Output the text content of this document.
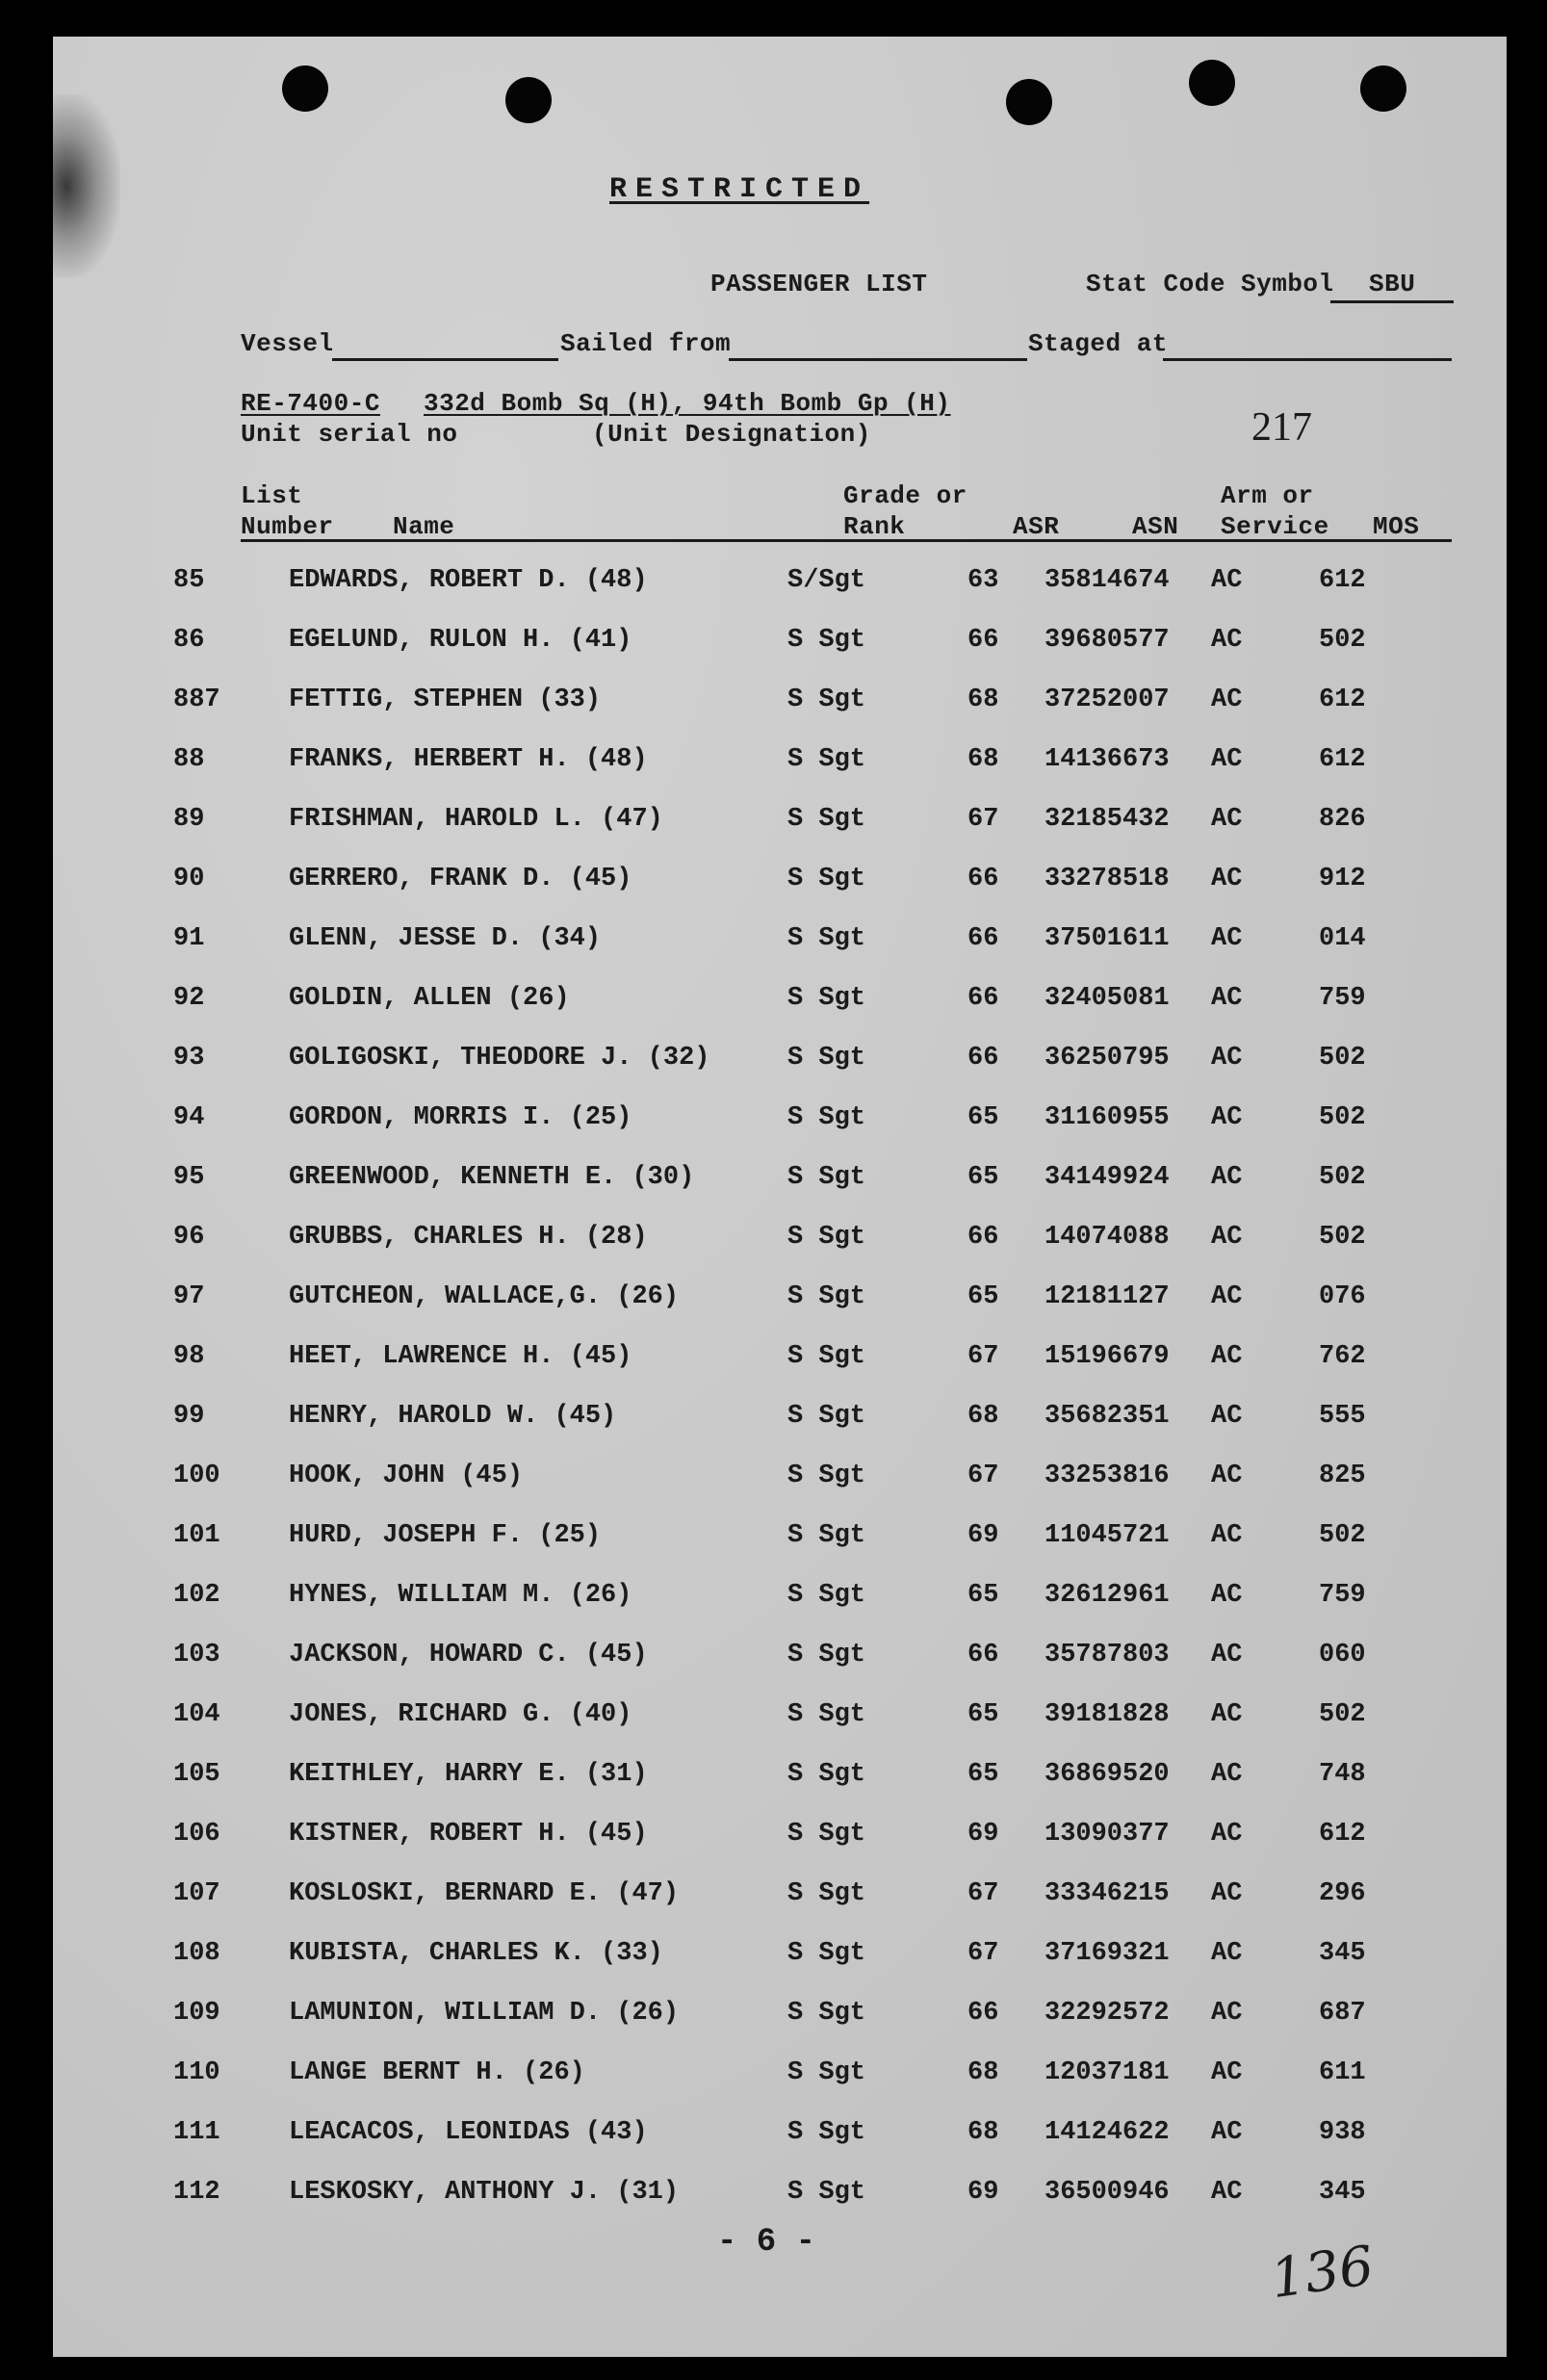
RESTRICTED
PASSENGER LIST	Stat Code Symbol SBU
Vessel	Sailed from	Staged at
RE-7400-C 332d Bomb Sq (H), 94th Bomb Gp (H)
Unit serial no	(Unit Designation)	217
List
Number Name
Grade or
Rank	ASR	ASN
Arm or
Service MOS
85	EDWARDS, ROBERT D. (48)	S/Sgt	63 35814674 AC	612
86	EGELUND, RULON H. (41)	S Sgt	66 39680577 AC	502
887	FETTIG, STEPHEN (33)	S Sgt	68 37252007 AC	612
88	FRANKS, HERBERT H. (48)	S Sgt	68 14136673 AC	612
89	FRISHMAN, HAROLD L. (47)	S Sgt	67 32185432 AC	826
90	GERRERO, FRANK D. (45)	S Sgt	66 33278518 AC	912
91	GLENN, JESSE D. (34)	S Sgt	66 37501611 AC	014
92	GOLDIN, ALLEN (26)	S Sgt	66 32405081 AC	759
93	GOLIGOSKI, THEODORE J. (32)	S Sgt	66 36250795 AC	502
94	GORDON, MORRIS I. (25)	S Sgt	65 31160955 AC	502
95	GREENWOOD, KENNETH E. (30)	S Sgt	65 34149924 AC	502
96	GRUBBS, CHARLES H. (28)	S Sgt	66 14074088 AC	502
97	GUTCHEON, WALLACE,G. (26)	S Sgt	65 12181127 AC	076
98	HEET, LAWRENCE H. (45)	S Sgt	67 15196679 AC	762
99	HENRY, HAROLD W. (45)	S Sgt	68 35682351 AC	555
100	HOOK, JOHN (45)	S Sgt	67 33253816 AC	825
101	HURD, JOSEPH F. (25)	S Sgt	69 11045721 AC	502
102	HYNES, WILLIAM M. (26)	S Sgt	65 32612961 AC	759
103	JACKSON, HOWARD C. (45)	S Sgt	66 35787803 AC	060
104	JONES, RICHARD G. (40)	S Sgt	65 39181828 AC	502
105	KEITHLEY, HARRY E. (31)	S Sgt	65 36869520 AC	748
106	KISTNER, ROBERT H. (45)	S Sgt	69 13090377 AC	612
107	KOSLOSKI, BERNARD E. (47)	S Sgt	67 33346215 AC	296
108	KUBISTA, CHARLES K. (33)	S Sgt	67 37169321 AC	345
109	LAMUNION, WILLIAM D. (26)	S Sgt	66 32292572 AC	687
110	LANGE BERNT H. (26)	S Sgt	68 12037181 AC	611
111	LEACACOS, LEONIDAS (43)	S Sgt	68 14124622 AC	938
112	LESKOSKY, ANTHONY J. (31)	S Sgt	69 36500946 AC	345
- 6 -	136
